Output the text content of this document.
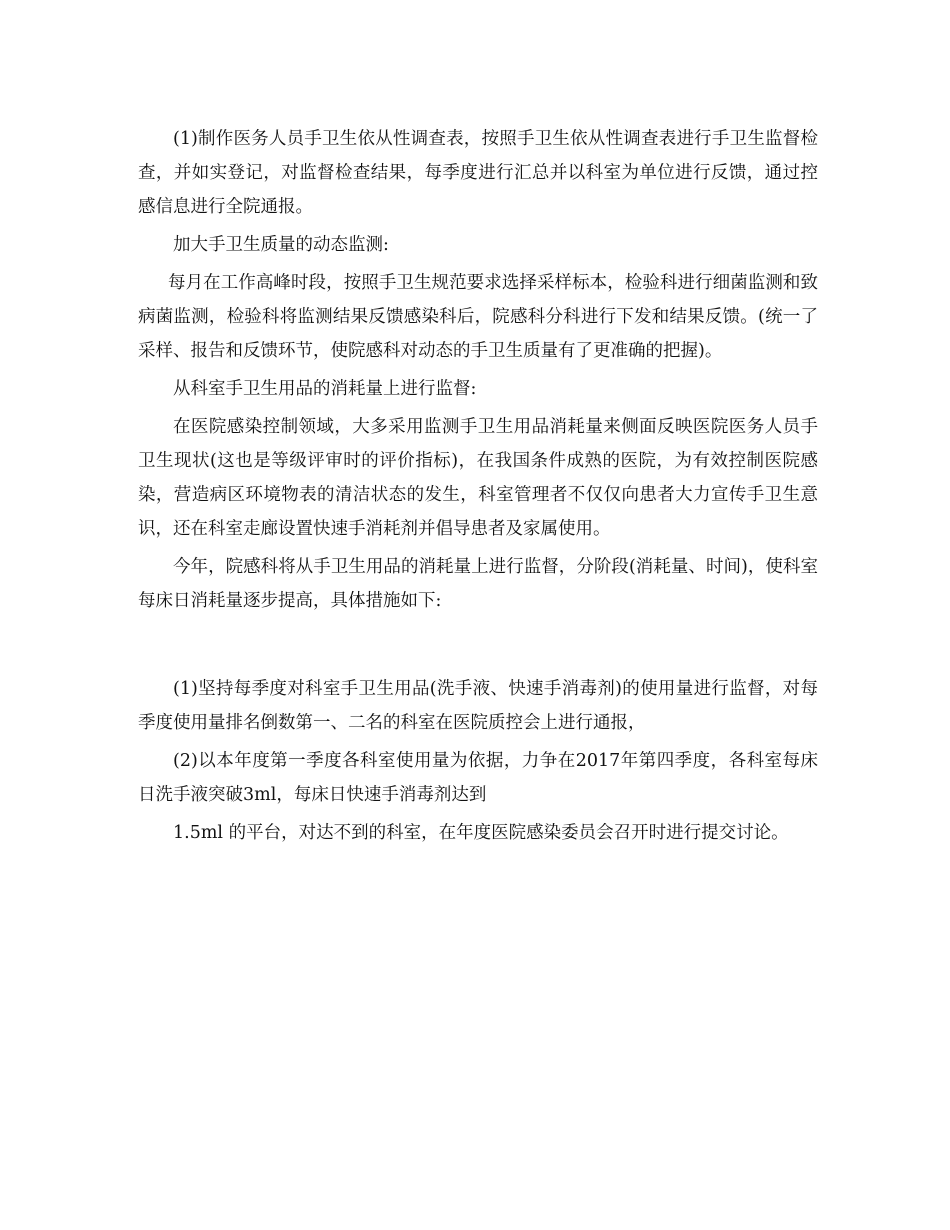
(1)制作医务人员手卫生依从性调查表，按照手卫生依从性调查表进行手卫生监督检查，并如实登记，对监督检查结果，每季度进行汇总并以科室为单位进行反馈，通过控感信息进行全院通报。

加大手卫生质量的动态监测:

每月在工作高峰时段，按照手卫生规范要求选择采样标本，检验科进行细菌监测和致病菌监测，检验科将监测结果反馈感染科后，院感科分科进行下发和结果反馈。(统一了采样、报告和反馈环节，使院感科对动态的手卫生质量有了更准确的把握)。

从科室手卫生用品的消耗量上进行监督:

在医院感染控制领域，大多采用监测手卫生用品消耗量来侧面反映医院医务人员手卫生现状(这也是等级评审时的评价指标)，在我国条件成熟的医院，为有效控制医院感染，营造病区环境物表的清洁状态的发生，科室管理者不仅仅向患者大力宣传手卫生意识，还在科室走廊设置快速手消耗剂并倡导患者及家属使用。

今年，院感科将从手卫生用品的消耗量上进行监督，分阶段(消耗量、时间)，使科室每床日消耗量逐步提高，具体措施如下:

(1)坚持每季度对科室手卫生用品(洗手液、快速手消毒剂)的使用量进行监督，对每季度使用量排名倒数第一、二名的科室在医院质控会上进行通报，

(2)以本年度第一季度各科室使用量为依据，力争在2017年第四季度，各科室每床日洗手液突破3ml，每床日快速手消毒剂达到

1.5ml 的平台，对达不到的科室，在年度医院感染委员会召开时进行提交讨论。
